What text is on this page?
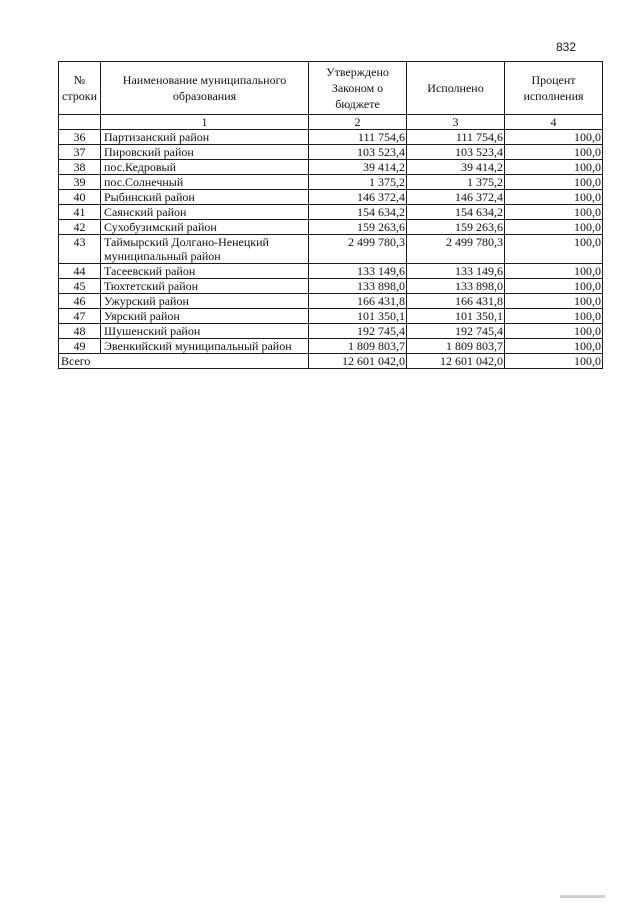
832
№ строки	Наименование муниципального образования	Утверждено Законом о бюджете	Исполнено	Процент исполнения
	1	2	3	4
36	Партизанский район	111 754,6	111 754,6	100,0
37	Пировский район	103 523,4	103 523,4	100,0
38	пос.Кедровый	39 414,2	39 414,2	100,0
39	пос.Солнечный	1 375,2	1 375,2	100,0
40	Рыбинский район	146 372,4	146 372,4	100,0
41	Саянский район	154 634,2	154 634,2	100,0
42	Сухобузимский район	159 263,6	159 263,6	100,0
43	Таймырский Долгано-Ненецкий муниципальный район	2 499 780,3	2 499 780,3	100,0
44	Тасеевский район	133 149,6	133 149,6	100,0
45	Тюхтетский район	133 898,0	133 898,0	100,0
46	Ужурский район	166 431,8	166 431,8	100,0
47	Уярский район	101 350,1	101 350,1	100,0
48	Шушенский район	192 745,4	192 745,4	100,0
49	Эвенкийский муниципальный район	1 809 803,7	1 809 803,7	100,0
Всего		12 601 042,0	12 601 042,0	100,0
